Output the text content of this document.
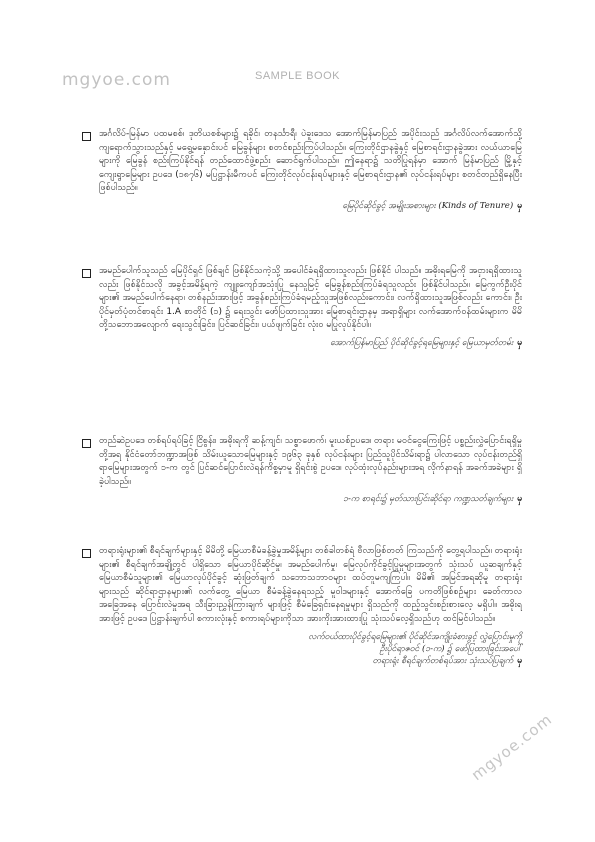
mgyoe.com	SAMPLE BOOK

အင်္ဂလိပ်-မြန်မာ ပထမစစ်၊ ဒုတိယစစ်များ၌ ရခိုင်၊ တနင်္သာရီ၊ ပဲခူးဒေသ အောက်မြန်မာပြည် အပိုင်းသည် အင်္ဂလိပ်လက်အောက်သို့ ကျရောက်သွားသည်နှင့် မရွေ့မနှောင်းပင် မြေခွန်များ စတင်စည်းကြပ်ပါသည်။ ကြေးတိုင်ဌာနခွဲနှင့် မြေစာရင်းဌာနခွဲအား လယ်ယာမြေများကို မြေခွန် စည်းကြပ်နိုင်ရန် တည်ထောင်ဖွဲ့စည်း ဆောင်ရွက်ပါသည်။ ဤနေရာ၌ သတိပြုရန်မှာ အောက် မြန်မာပြည် မြို့နှင့်ကျေးရွာမြေများ ဥပဒေ (၁၈၇၆) မပြဋ္ဌာန်းမီကပင် ကြေးတိုင်လုပ်ငန်းရပ်များနှင့် မြေစာရင်းဌာန၏ လုပ်ငန်းရပ်များ စတင်တည်ရှိနေပြီး ဖြစ်ပါသည်။

မြေပိုင်ဆိုင်ခွင့် အမျိုးအစားများ (Kinds of Tenure) မှ

အမည်ပေါက်သူသည် မြေပိုင်ရှင် ဖြစ်ချင် ဖြစ်နိုင်သကဲ့သို့ အပေါင်ခံရရှိထားသူလည်း ဖြစ်နိုင် ပါသည်။ အဓိုးရမြေကို အငှားရရှိထားသူလည်း ဖြစ်နိုင်သလို အခွင့်အမိန့်ရကဲ့ ကျူးကျော်အသုံးပြု နေသူမြင့် မြေခွန်စည်းကြပ်ခံရသူလည်း ဖြစ်နိုင်ပါသည်။ မြေကွက်ဦးပိုင်များ၏ အမည်ပေါက်နေရာ၊ တစ်နည်းအားဖြင့် အခွန်စည်းကြပ်ခံရမည့်သူအဖြစ်လည်းကောင်း၊ လက်ရှိထားသူအဖြစ်လည်း ကောင်း၊ ဦးပိုင်မှတ်ပုံတင်စာရင်း 1.A စာတိုင် (၁) ၌ ရေးသွင်း ဖော်ပြထားသူအား မြေစာရင်းဌာနမှ အရာရှိများ လက်အောက်ဝန်ထမ်းများက မိမိတို့သဘောအလျောက် ရေးသွင်းခြင်း၊ ပြင်ဆင်ခြင်း၊ ပယ်ဖျက်ခြင်း လုံးဝ မပြုလုပ်နိုင်ပါ။

အောက်ပြန်မာပြည် ပိုင်ဆိုင်ခွင့်ရမြေများနှင့် မြေယာမှတ်တမ်း မှ

တည်ဆဲဥပဒေ တစ်ရပ်ရပ်ခြင့် ငြိစွန်း၊ အဓိုးရကို ဆန့်ကျင်၊ သစ္စာဖောက်၊ မူးယစ်ဥပဒေ၊ တရား မဝင်ငွေကြေးဖြင့် ပစ္စည်းလွှဲပြောင်းရရှိမှုတို့အရ နိုင်ငံတော်ဘဏ္ဍာအဖြစ် သိမ်းယူသောမြေများနှင့် ၁၉၆၃ ခုနှစ် လုပ်ငန်းများ ပြည်သူပိုင်သိမ်းရာ၌ ပါလာသော လုပ်ငန်းတည်ရှိရာမြေများအတွက် ၁-က တွင် ပြင်ဆင်ပြောင်းလဲရန်ကိစ္စမှာမူ ရှိရင်းစွဲ ဥပဒေ၊ လုပ်ထုံးလုပ်နည်းများအရ လိုက်နာရန် အခက်အခဲများ ရှိခဲ့ပါသည်။

၁-က စာရင်း၌ မှတ်သားပြင်းဆိုင်ရာ ကဏ္ဍသတ်ချက်များ မှ

တရားရုံးများ၏ စီရင်ချက်များနှင့် မိမိတို့ မြေယာစီမံခန့်ခွဲမှုအမိန့်များ တစ်ခါတစ်ရံ ဗီလာဖြစ်တတ် ကြသည်ကို တွေ့ရပါသည်။ တရားရုံးများ၏ စီရင်ချက်အချို့တွင် ပါရှိသော မြေယာပိုင်ဆိုင်မှု၊ အမည်ပေါက်မှု၊ မြေလုပ်ကိုင်ခွင့်ပြုမှုများအတွက် သုံးသပ် ယူဆချက်နှင့် မြေယာစီမံသူများ၏ မြေယာလုပ်ပိုင်ခွင့် ဆုံးဖြတ်ချက် သဘောသဘာဝများ ထပ်တူမကျကြပါ။ မိမိ၏ အမြင်အရဆိုမူ တရားရုံးများသည် ဆိုင်ရာဌာနများ၏ လက်တွေ့ မြေယာ စီမံခန့်ခွဲနေရသည့် မူဝါဒများနှင့် အောက်ခြေ ပကတိဖြစ်စဉ်များ ခေတ်ကာလ အခြေအနေ ပြောင်းလဲမှုအရ သီးခြားညွှန်ကြားချက် များဖြင့် စီမံခြေရှင်းနေရမှုများ ရှိသည်ကို ထည့်သွင်းစဉ်းစားလေ့ မရှိပါ။ အဓိုးရအားဖြင့် ဥပဒေ ပြဋ္ဌာန်းချက်ပါ စကားလုံးနှင့် စကားရပ်များကိုသာ အားကိုးအားထားပြု သုံးသပ်လေ့ရှိသည်ဟု ထင်မြင်ပါသည်။

လက်ဝယ်ထားပိုင်ခွင့်ရမြေများ၏ ပိုင်ဆိုင်အကျိုးခံစားခွင့် လွှဲပြောင်းမှုကို
ဦးပိုင်ရာဇဝင် (၁-က) ၌ ဖော်ပြထားခြင်းအပေါ်
တရားရုံး စီရင်ချက်တစ်ရပ်အား သုံးသပ်ပြချက် မှ

mgyoe.com
